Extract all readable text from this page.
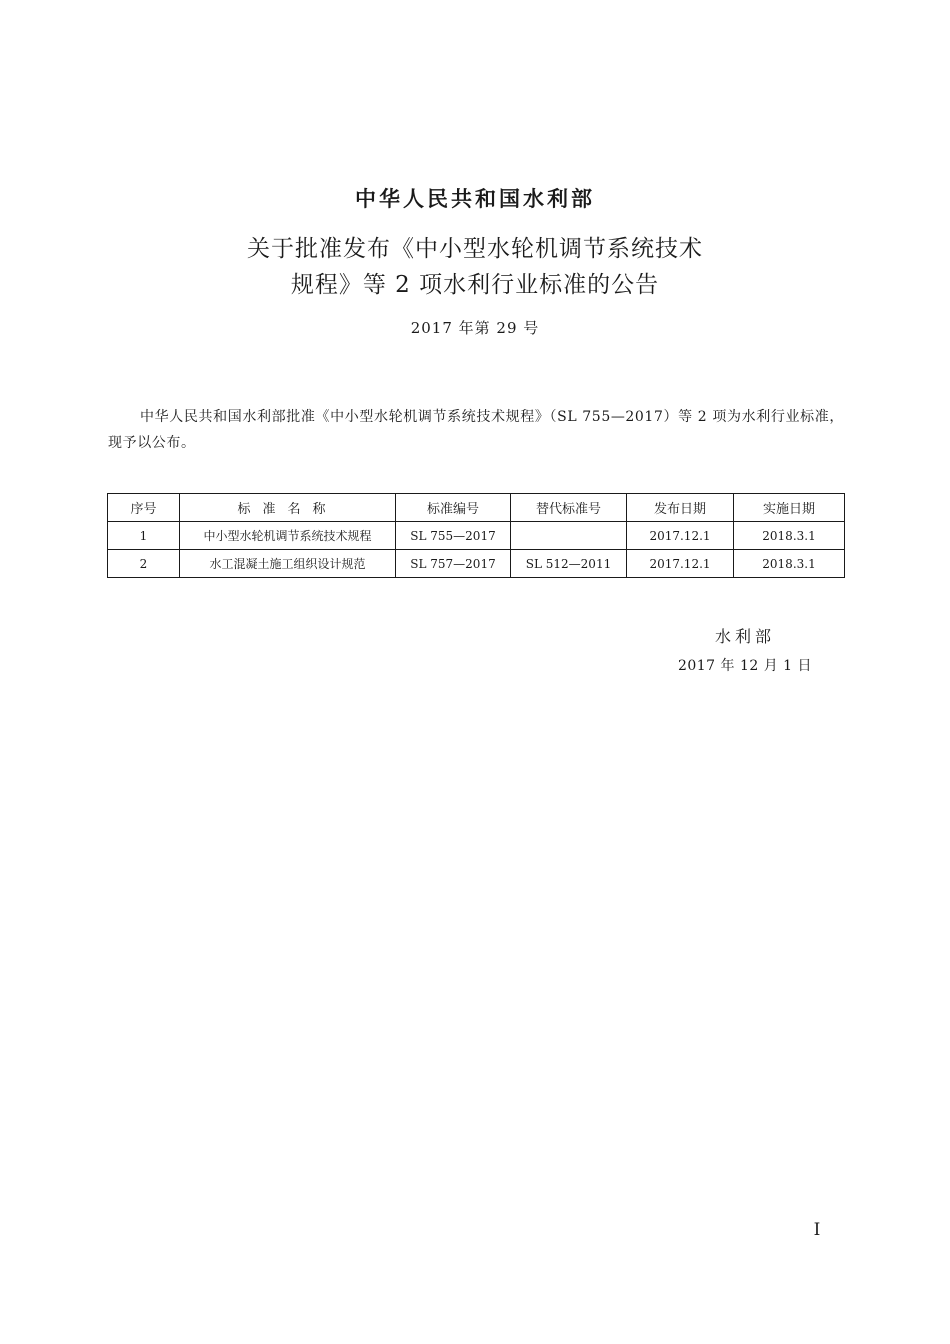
中华人民共和国水利部
关于批准发布《中小型水轮机调节系统技术
规程》等 2 项水利行业标准的公告
2017 年第 29 号

中华人民共和国水利部批准《中小型水轮机调节系统技术规程》（SL 755—2017）等 2 项为水利行业标准，现予以公布。

序号	标准名称	标准编号	替代标准号	发布日期	实施日期
1	中小型水轮机调节系统技术规程	SL 755—2017		2017.12.1	2018.3.1
2	水工混凝土施工组织设计规范	SL 757—2017	SL 512—2011	2017.12.1	2018.3.1
水利部
2017 年 12 月 1 日
I
